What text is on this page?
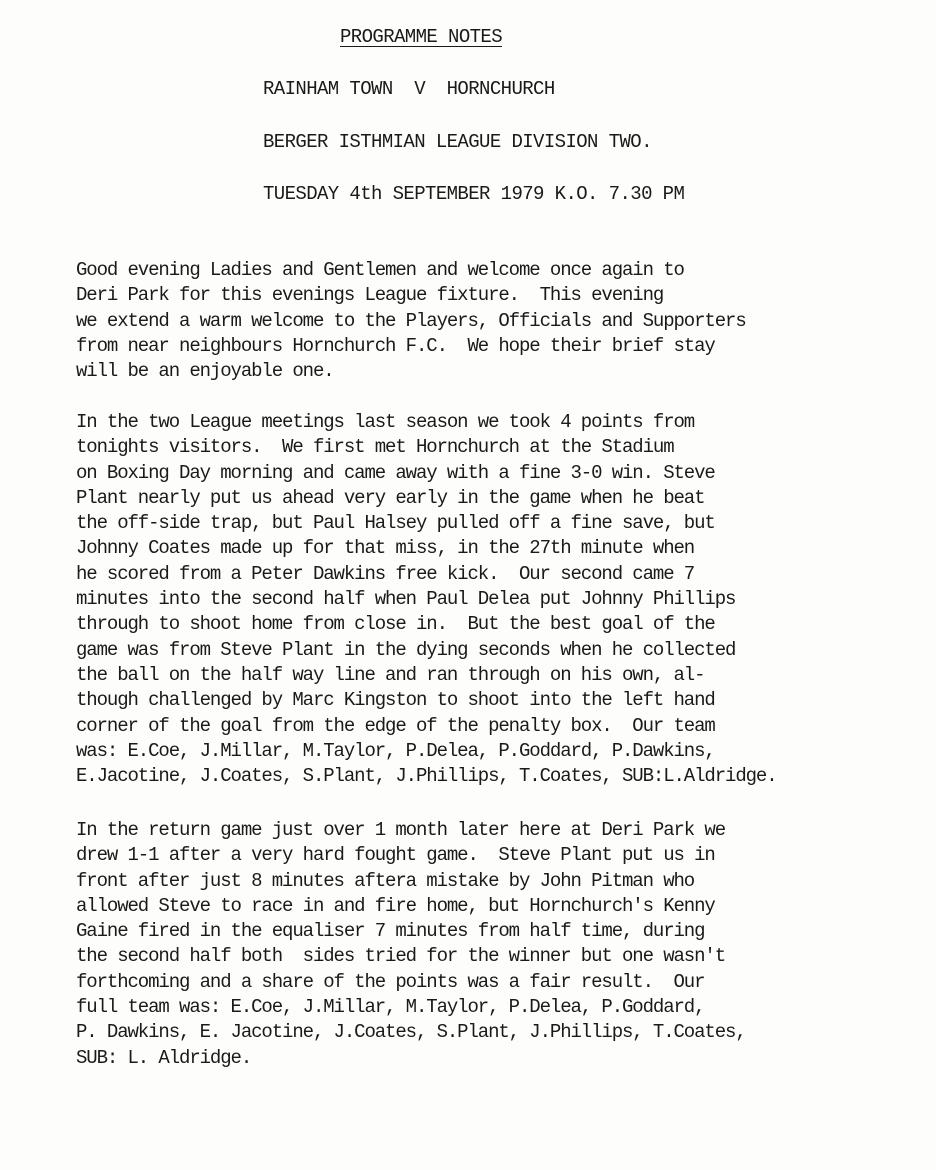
PROGRAMME NOTES
RAINHAM TOWN  V  HORNCHURCH
BERGER ISTHMIAN LEAGUE DIVISION TWO.
TUESDAY 4th SEPTEMBER 1979 K.O. 7.30 PM
Good evening Ladies and Gentlemen and welcome once again to
Deri Park for this evenings League fixture.  This evening
we extend a warm welcome to the Players, Officials and Supporters
from near neighbours Hornchurch F.C.  We hope their brief stay
will be an enjoyable one.
In the two League meetings last season we took 4 points from
tonights visitors.  We first met Hornchurch at the Stadium
on Boxing Day morning and came away with a fine 3-0 win. Steve
Plant nearly put us ahead very early in the game when he beat
the off-side trap, but Paul Halsey pulled off a fine save, but
Johnny Coates made up for that miss, in the 27th minute when
he scored from a Peter Dawkins free kick.  Our second came 7
minutes into the second half when Paul Delea put Johnny Phillips
through to shoot home from close in.  But the best goal of the
game was from Steve Plant in the dying seconds when he collected
the ball on the half way line and ran through on his own, al-
though challenged by Marc Kingston to shoot into the left hand
corner of the goal from the edge of the penalty box.  Our team
was: E.Coe, J.Millar, M.Taylor, P.Delea, P.Goddard, P.Dawkins,
E.Jacotine, J.Coates, S.Plant, J.Phillips, T.Coates, SUB:L.Aldridge.
In the return game just over 1 month later here at Deri Park we
drew 1-1 after a very hard fought game.  Steve Plant put us in
front after just 8 minutes aftera mistake by John Pitman who
allowed Steve to race in and fire home, but Hornchurch's Kenny
Gaine fired in the equaliser 7 minutes from half time, during
the second half both  sides tried for the winner but one wasn't
forthcoming and a share of the points was a fair result.  Our
full team was: E.Coe, J.Millar, M.Taylor, P.Delea, P.Goddard,
P. Dawkins, E. Jacotine, J.Coates, S.Plant, J.Phillips, T.Coates,
SUB: L. Aldridge.
